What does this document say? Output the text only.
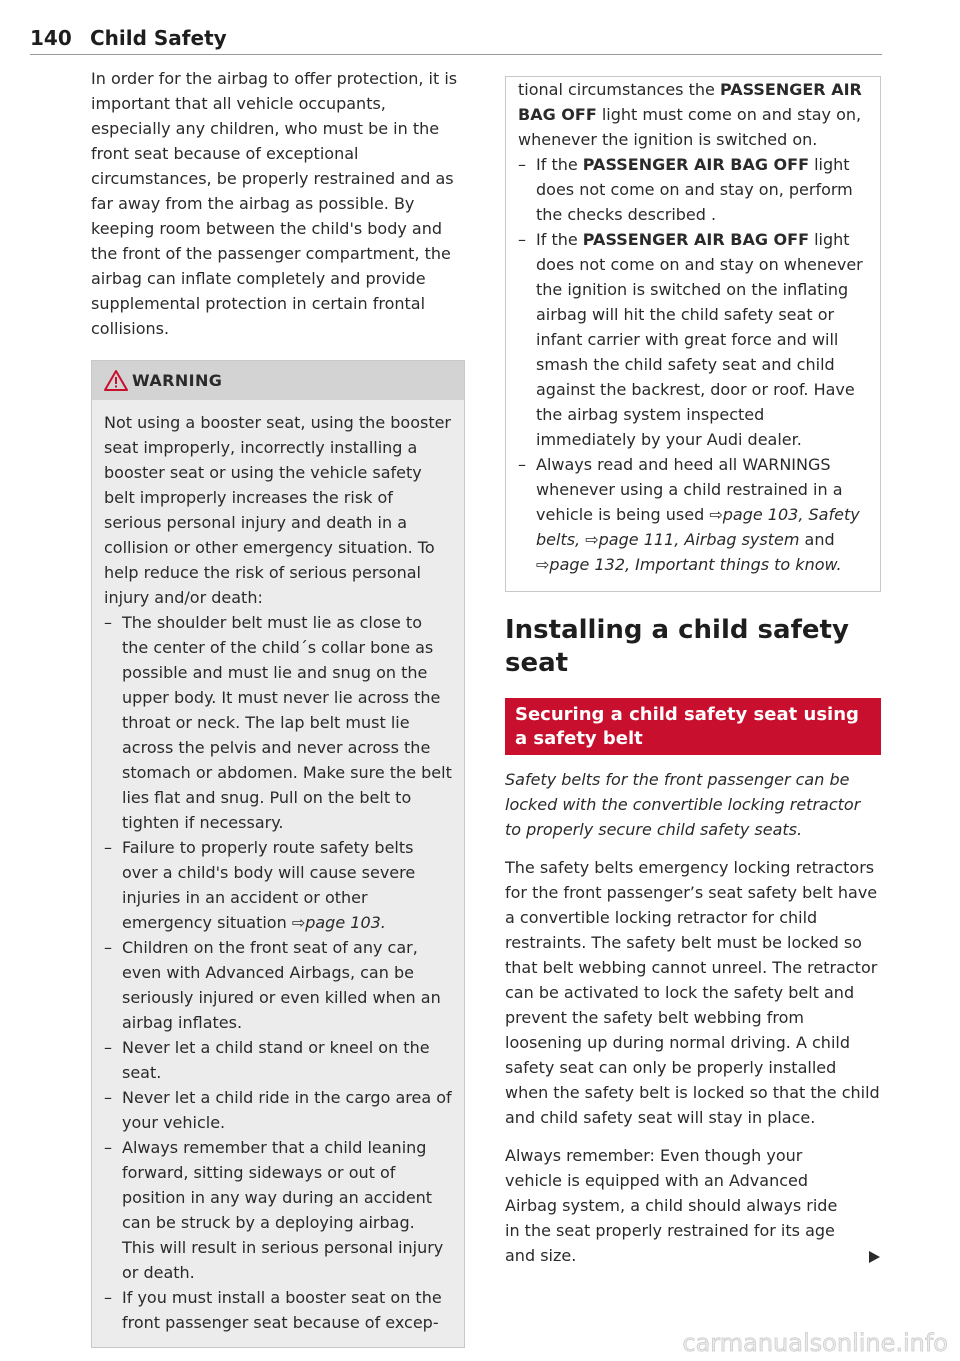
140 Child Safety

In order for the airbag to offer protection, it is important that all vehicle occupants, especially any children, who must be in the front seat because of exceptional circumstances, be properly restrained and as far away from the airbag as possible. By keeping room between the child's body and the front of the passenger compartment, the airbag can inflate completely and provide supplemental protection in certain frontal collisions.

WARNING

Not using a booster seat, using the booster seat improperly, incorrectly installing a booster seat or using the vehicle safety belt improperly increases the risk of serious personal injury and death in a collision or other emergency situation. To help reduce the risk of serious personal injury and/or death:

– The shoulder belt must lie as close to the center of the child´s collar bone as possible and must lie and snug on the upper body. It must never lie across the throat or neck. The lap belt must lie across the pelvis and never across the stomach or abdomen. Make sure the belt lies flat and snug. Pull on the belt to tighten if necessary.
– Failure to properly route safety belts over a child's body will cause severe injuries in an accident or other emergency situation ⇨page 103.
– Children on the front seat of any car, even with Advanced Airbags, can be seriously injured or even killed when an airbag inflates.
– Never let a child stand or kneel on the seat.
– Never let a child ride in the cargo area of your vehicle.
– Always remember that a child leaning forward, sitting sideways or out of position in any way during an accident can be struck by a deploying airbag. This will result in serious personal injury or death.
– If you must install a booster seat on the front passenger seat because of excep-

tional circumstances the PASSENGER AIR BAG OFF light must come on and stay on, whenever the ignition is switched on.

– If the PASSENGER AIR BAG OFF light does not come on and stay on, perform the checks described .
– If the PASSENGER AIR BAG OFF light does not come on and stay on whenever the ignition is switched on the inflating airbag will hit the child safety seat or infant carrier with great force and will smash the child safety seat and child against the backrest, door or roof. Have the airbag system inspected immediately by your Audi dealer.
– Always read and heed all WARNINGS whenever using a child restrained in a vehicle is being used ⇨page 103, Safety belts, ⇨page 111, Airbag system and ⇨page 132, Important things to know.
Installing a child safety seat
Securing a child safety seat using a safety belt

Safety belts for the front passenger can be locked with the convertible locking retractor to properly secure child safety seats.

The safety belts emergency locking retractors for the front passenger’s seat safety belt have a convertible locking retractor for child restraints. The safety belt must be locked so that belt webbing cannot unreel. The retractor can be activated to lock the safety belt and prevent the safety belt webbing from loosening up during normal driving. A child safety seat can only be properly installed when the safety belt is locked so that the child and child safety seat will stay in place.

Always remember: Even though your vehicle is equipped with an Advanced Airbag system, a child should always ride in the seat properly restrained for its age and size.

carmanualsonline.info
